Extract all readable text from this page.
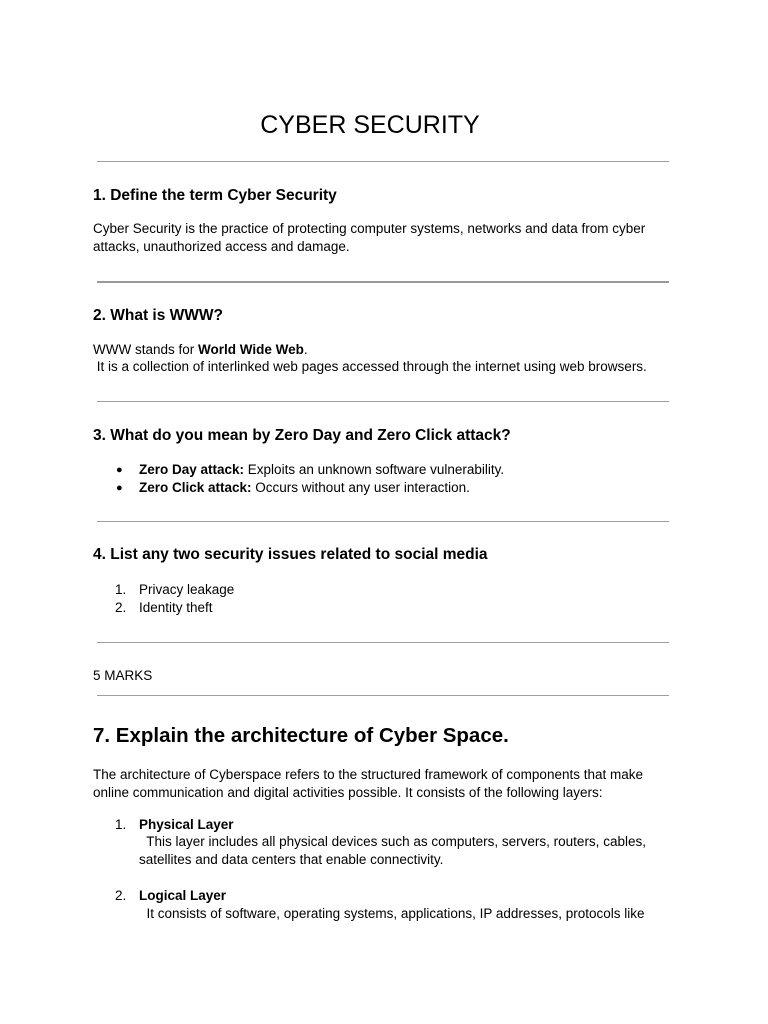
CYBER SECURITY
1. Define the term Cyber Security

Cyber Security is the practice of protecting computer systems, networks and data from cyber

attacks, unauthorized access and damage.

2. What is WWW?

WWW stands for World Wide Web.

It is a collection of interlinked web pages accessed through the internet using web browsers.

3. What do you mean by Zero Day and Zero Click attack?
● Zero Day attack: Exploits an unknown software vulnerability.

● Zero Click attack: Occurs without any user interaction.

4. List any two security issues related to social media
1. Privacy leakage

2. Identity theft

5 MARKS

7. Explain the architecture of Cyber Space.

The architecture of Cyberspace refers to the structured framework of components that make

online communication and digital activities possible. It consists of the following layers:

1. Physical Layer

This layer includes all physical devices such as computers, servers, routers, cables,

satellites and data centers that enable connectivity.

2. Logical Layer

It consists of software, operating systems, applications, IP addresses, protocols like
